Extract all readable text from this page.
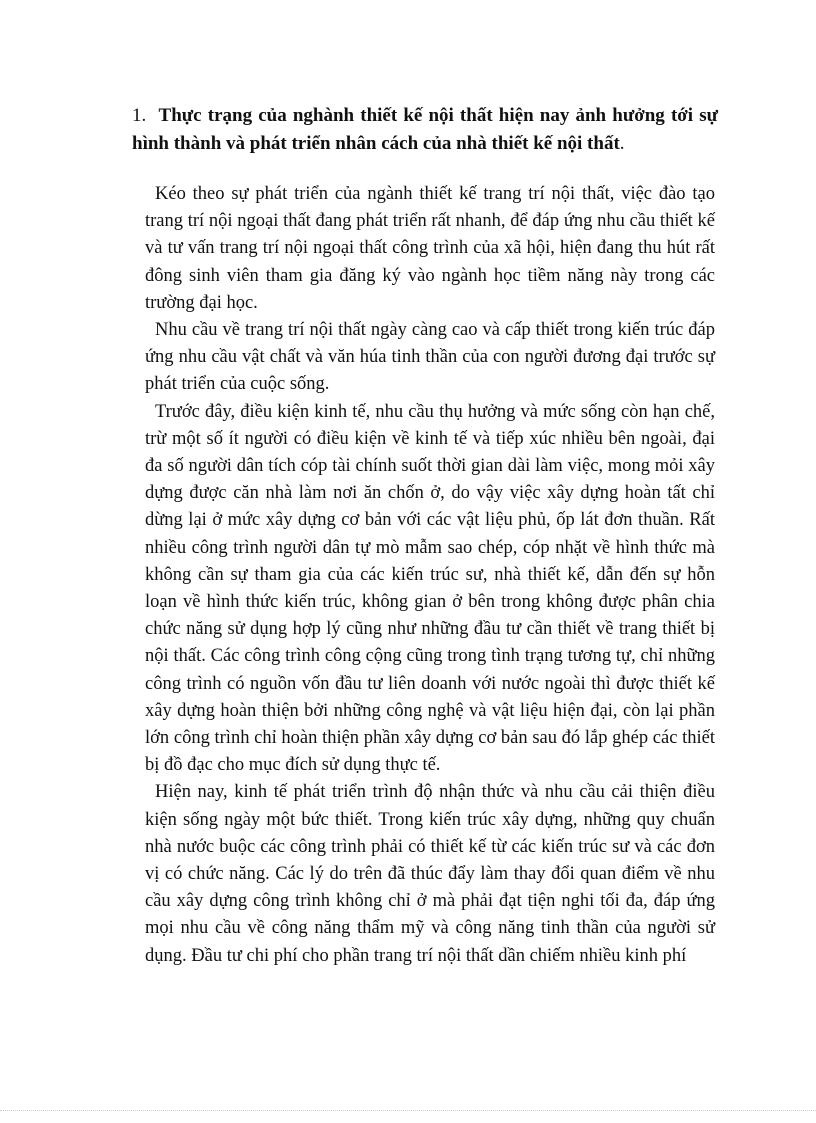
1. Thực trạng của nghành thiết kế nội thất hiện nay ảnh hưởng tới sự hình thành và phát triển nhân cách của nhà thiết kế nội thất.

Kéo theo sự phát triển của ngành thiết kế trang trí nội thất, việc đào tạo trang trí nội ngoại thất đang phát triển rất nhanh, để đáp ứng nhu cầu thiết kế và tư vấn trang trí nội ngoại thất công trình của xã hội, hiện đang thu hút rất đông sinh viên tham gia đăng ký vào ngành học tiềm năng này trong các trường đại học.

Nhu cầu về trang trí nội thất ngày càng cao và cấp thiết trong kiến trúc đáp ứng nhu cầu vật chất và văn húa tinh thần của con người đương đại trước sự phát triển của cuộc sống.

Trước đây, điều kiện kinh tế, nhu cầu thụ hưởng và mức sống còn hạn chế, trừ một số ít người có điều kiện về kinh tế và tiếp xúc nhiều bên ngoài, đại đa số người dân tích cóp tài chính suốt thời gian dài làm việc, mong mỏi xây dựng được căn nhà làm nơi ăn chốn ở, do vậy việc xây dựng hoàn tất chỉ dừng lại ở mức xây dựng cơ bản với các vật liệu phủ, ốp lát đơn thuần. Rất nhiều công trình người dân tự mò mẫm sao chép, cóp nhặt về hình thức mà không cần sự tham gia của các kiến trúc sư, nhà thiết kế, dẫn đến sự hỗn loạn về hình thức kiến trúc, không gian ở bên trong không được phân chia chức năng sử dụng hợp lý cũng như những đầu tư cần thiết về trang thiết bị nội thất. Các công trình công cộng cũng trong tình trạng tương tự, chỉ những công trình có nguồn vốn đầu tư liên doanh với nước ngoài thì được thiết kế xây dựng hoàn thiện bởi những công nghệ và vật liệu hiện đại, còn lại phần lớn công trình chỉ hoàn thiện phần xây dựng cơ bản sau đó lắp ghép các thiết bị đồ đạc cho mục đích sử dụng thực tế.

Hiện nay, kinh tế phát triển trình độ nhận thức và nhu cầu cải thiện điều kiện sống ngày một bức thiết. Trong kiến trúc xây dựng, những quy chuẩn nhà nước buộc các công trình phải có thiết kế từ các kiến trúc sư và các đơn vị có chức năng. Các lý do trên đã thúc đẩy làm thay đổi quan điểm về nhu cầu xây dựng công trình không chỉ ở mà phải đạt tiện nghi tối đa, đáp ứng mọi nhu cầu về công năng thẩm mỹ và công năng tinh thần của người sử dụng. Đầu tư chi phí cho phần trang trí nội thất dần chiếm nhiều kinh phí
